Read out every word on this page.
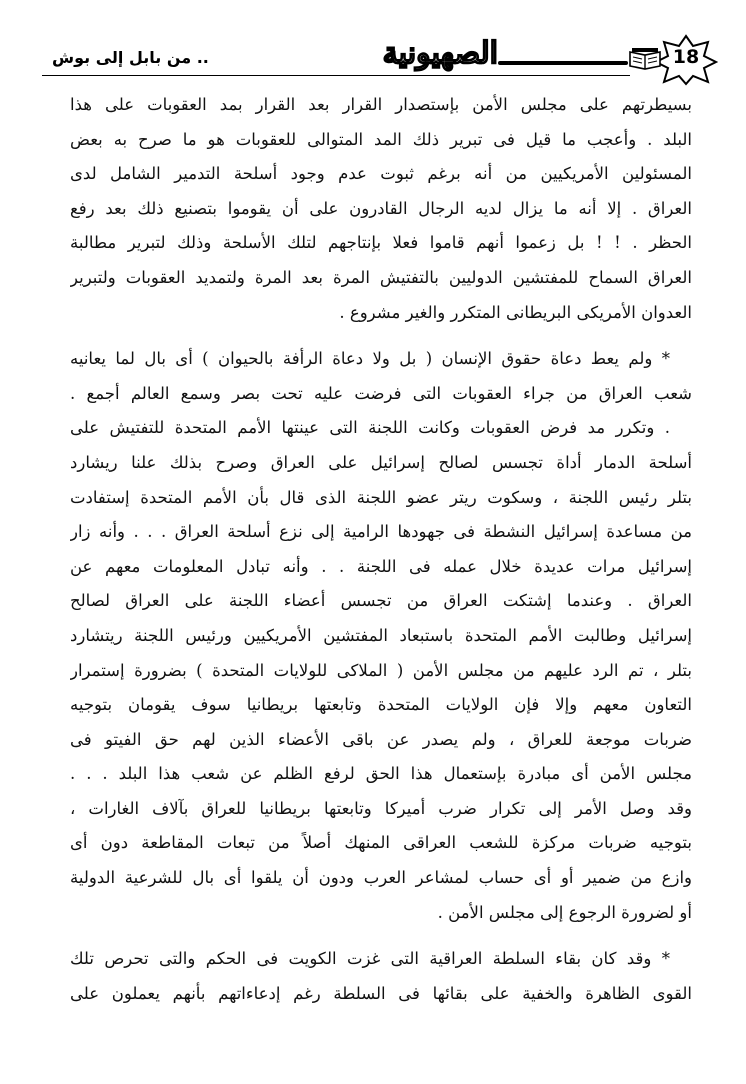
18
الصهيونية
.. من بابل إلى بوش
بسيطرتهم على مجلس الأمن بإستصدار القرار بعد القرار بمد العقوبات على هذا
البلد . وأعجب ما قيل فى تبرير ذلك المد المتوالى للعقوبات هو ما صرح به بعض
المسئولين الأمريكيين من أنه برغم ثبوت عدم وجود أسلحة التدمير الشامل لدى
العراق . إلا أنه ما يزال لديه الرجال القادرون على أن يقوموا بتصنيع ذلك بعد رفع
الحظر . ! ! بل زعموا أنهم قاموا فعلا بإنتاجهم لتلك الأسلحة وذلك لتبرير مطالبة
العراق السماح للمفتشين الدوليين بالتفتيش المرة بعد المرة ولتمديد العقوبات ولتبرير
العدوان الأمريكى البريطانى المتكرر والغير مشروع .
* ولم يعط دعاة حقوق الإنسان ( بل ولا دعاة الرأفة بالحيوان ) أى بال لما يعانيه
شعب العراق من جراء العقوبات التى فرضت عليه تحت بصر وسمع العالم أجمع .
. وتكرر مد فرض العقوبات وكانت اللجنة التى عينتها الأمم المتحدة للتفتيش على
أسلحة الدمار أداة تجسس لصالح إسرائيل على العراق وصرح بذلك علنا ريشارد
بتلر رئيس اللجنة ، وسكوت ريتر عضو اللجنة الذى قال بأن الأمم المتحدة إستفادت
من مساعدة إسرائيل النشطة فى جهودها الرامية إلى نزع أسلحة العراق . . . وأنه زار
إسرائيل مرات عديدة خلال عمله فى اللجنة . . وأنه تبادل المعلومات معهم عن
العراق . وعندما إشتكت العراق من تجسس أعضاء اللجنة على العراق لصالح
إسرائيل وطالبت الأمم المتحدة باستبعاد المفتشين الأمريكيين ورئيس اللجنة ريتشارد
بتلر ، تم الرد عليهم من مجلس الأمن ( الملاكى للولايات المتحدة ) بضرورة إستمرار
التعاون معهم وإلا فإن الولايات المتحدة وتابعتها بريطانيا سوف يقومان بتوجيه
ضربات موجعة للعراق ، ولم يصدر عن باقى الأعضاء الذين لهم حق الفيتو فى
مجلس الأمن أى مبادرة بإستعمال هذا الحق لرفع الظلم عن شعب هذا البلد . . .
وقد وصل الأمر إلى تكرار ضرب أميركا وتابعتها بريطانيا للعراق بآلاف الغارات ،
بتوجيه ضربات مركزة للشعب العراقى المنهك أصلاً من تبعات المقاطعة دون أى
وازع من ضمير أو أى حساب لمشاعر العرب ودون أن يلقوا أى بال للشرعية الدولية
أو لضرورة الرجوع إلى مجلس الأمن .
* وقد كان بقاء السلطة العراقية التى غزت الكويت فى الحكم والتى تحرص تلك
القوى الظاهرة والخفية على بقائها فى السلطة رغم إدعاءاتهم بأنهم يعملون على
